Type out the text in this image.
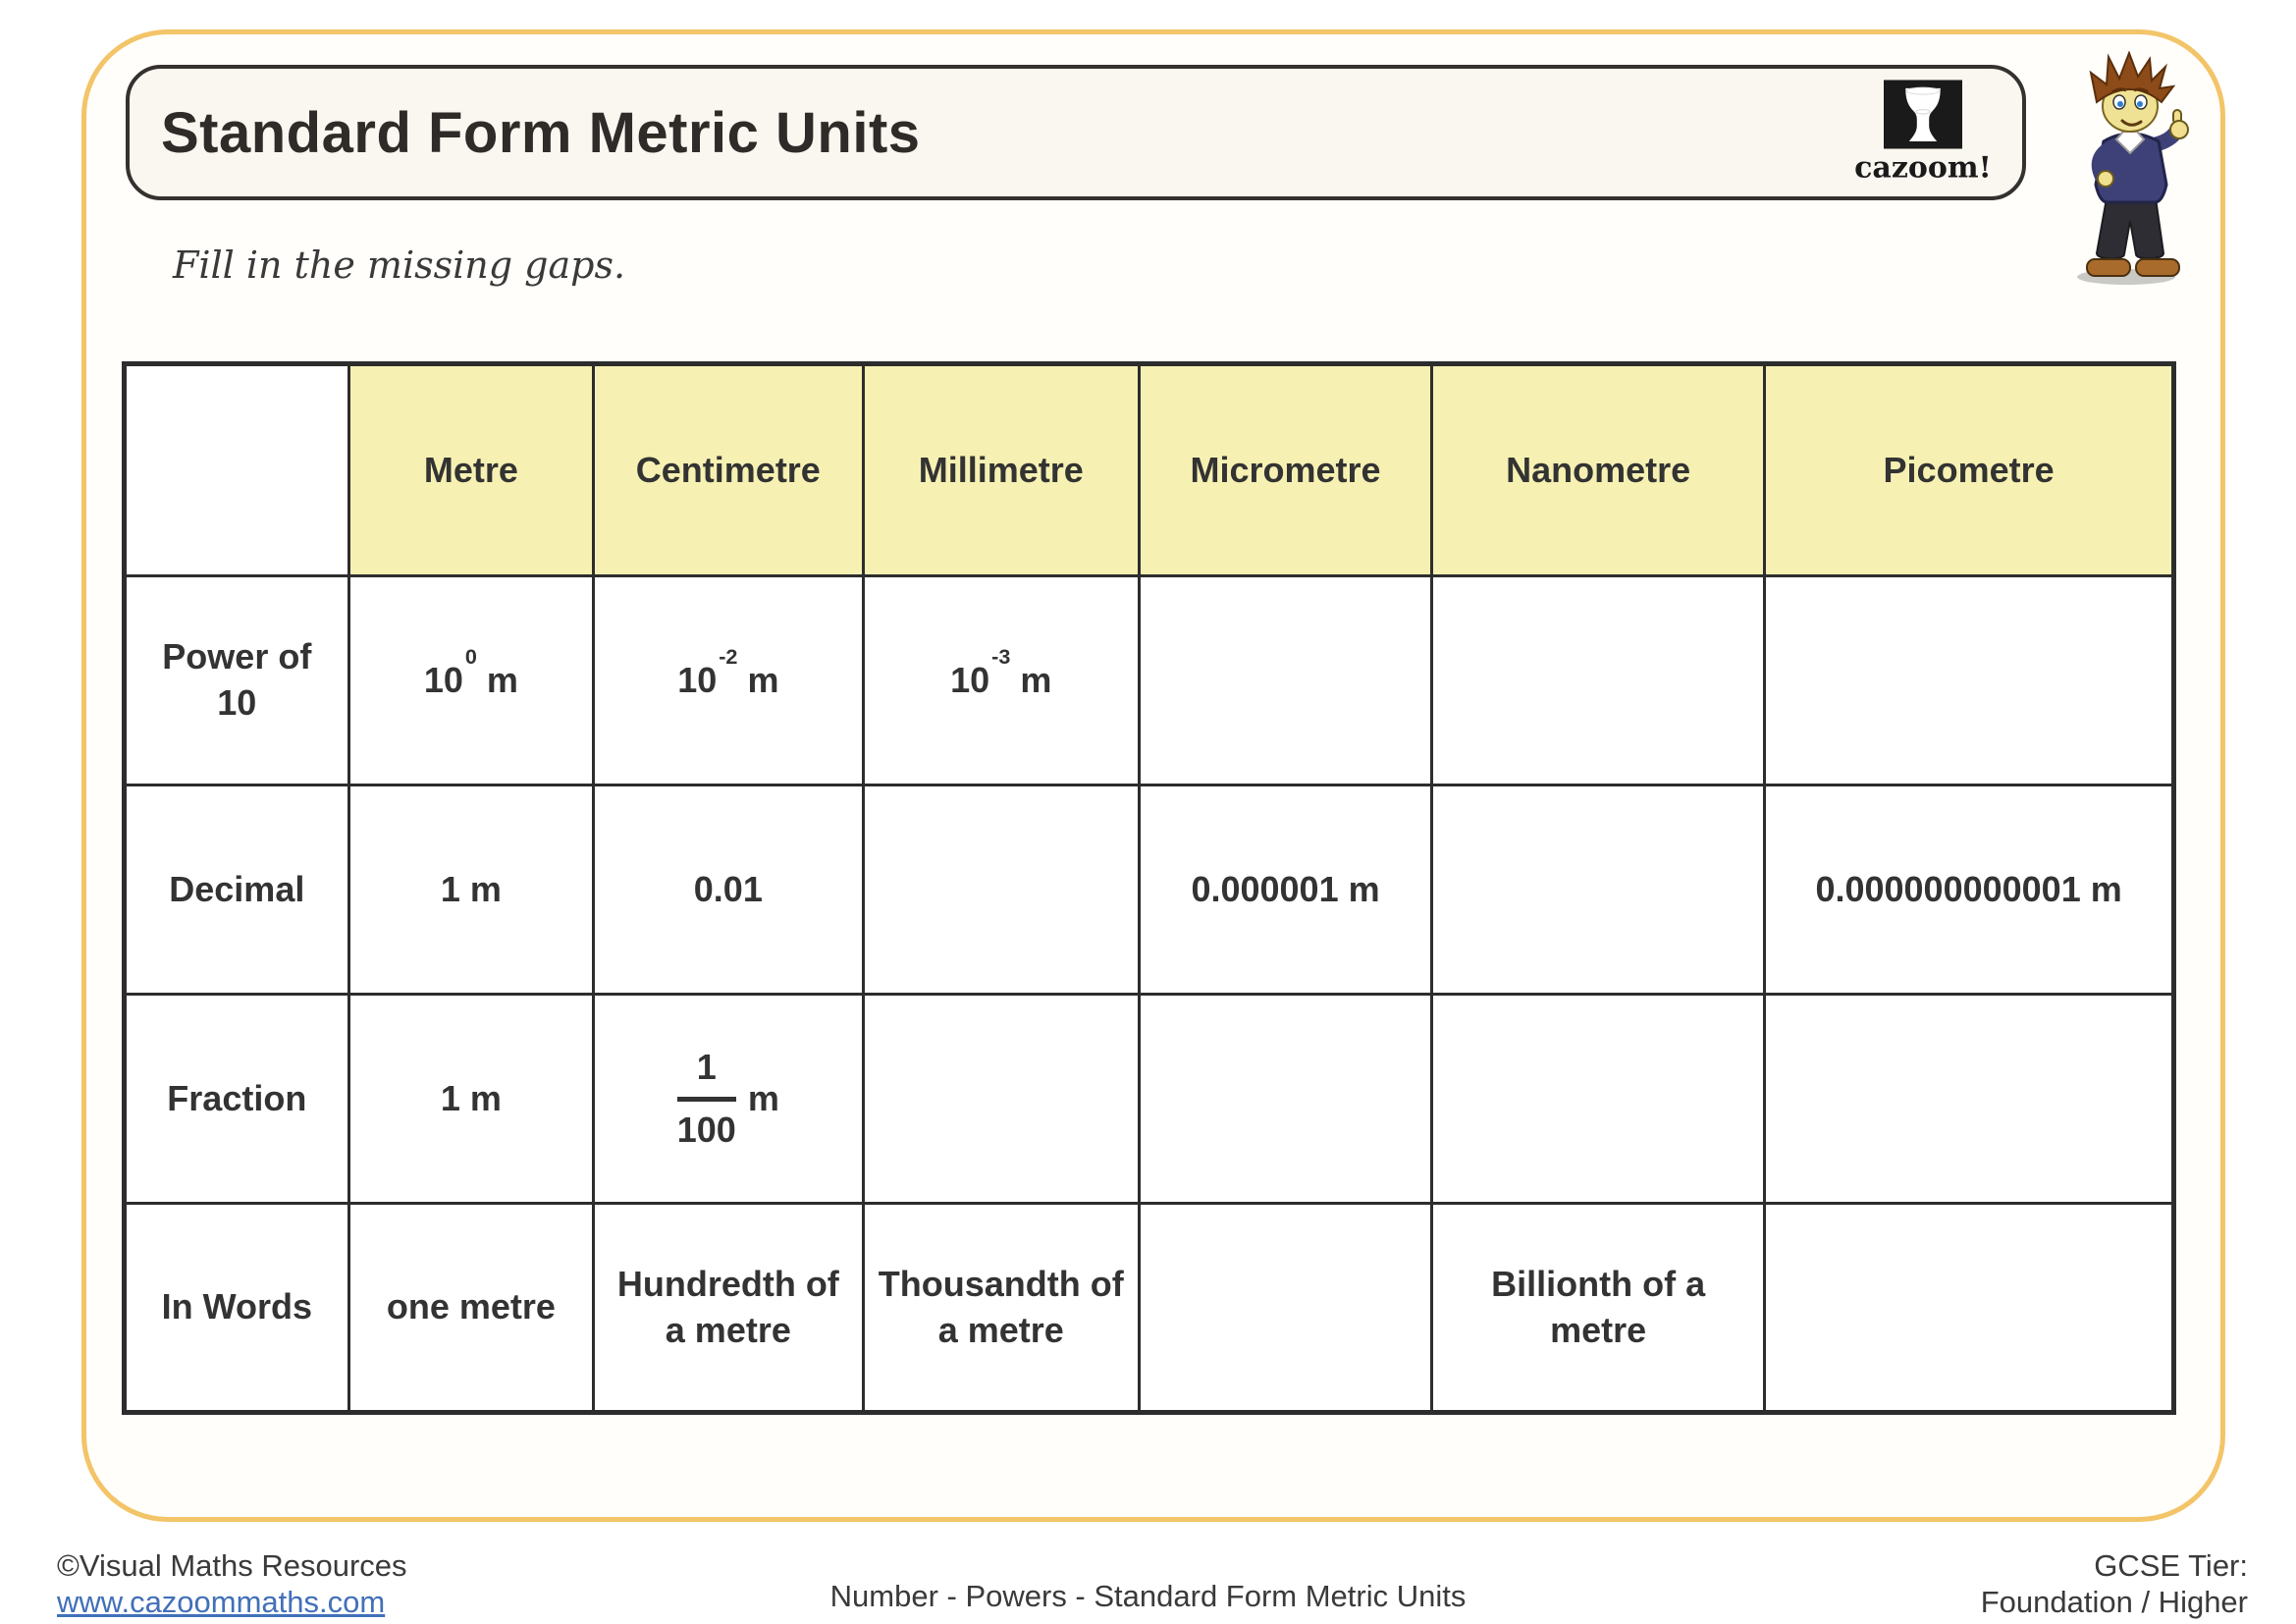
Standard Form Metric Units
cazoom!
Fill in the missing gaps.
	Metre	Centimetre	Millimetre	Micrometre	Nanometre	Picometre
Power of 10	$10^0m$	$10^{-2}m$	$10^{-3}m$			
Decimal	1 m	0.01		0.000001 m		0.000000000001 m
Fraction	1 m	$\frac{1}{100}$ m				
In Words	one metre	Hundredth of a metre	Thousandth of a metre		Billionth of a metre	
©Visual Maths Resources
www.cazoommaths.com	Number - Powers - Standard Form Metric Units
GCSE Tier:
Foundation / Higher
